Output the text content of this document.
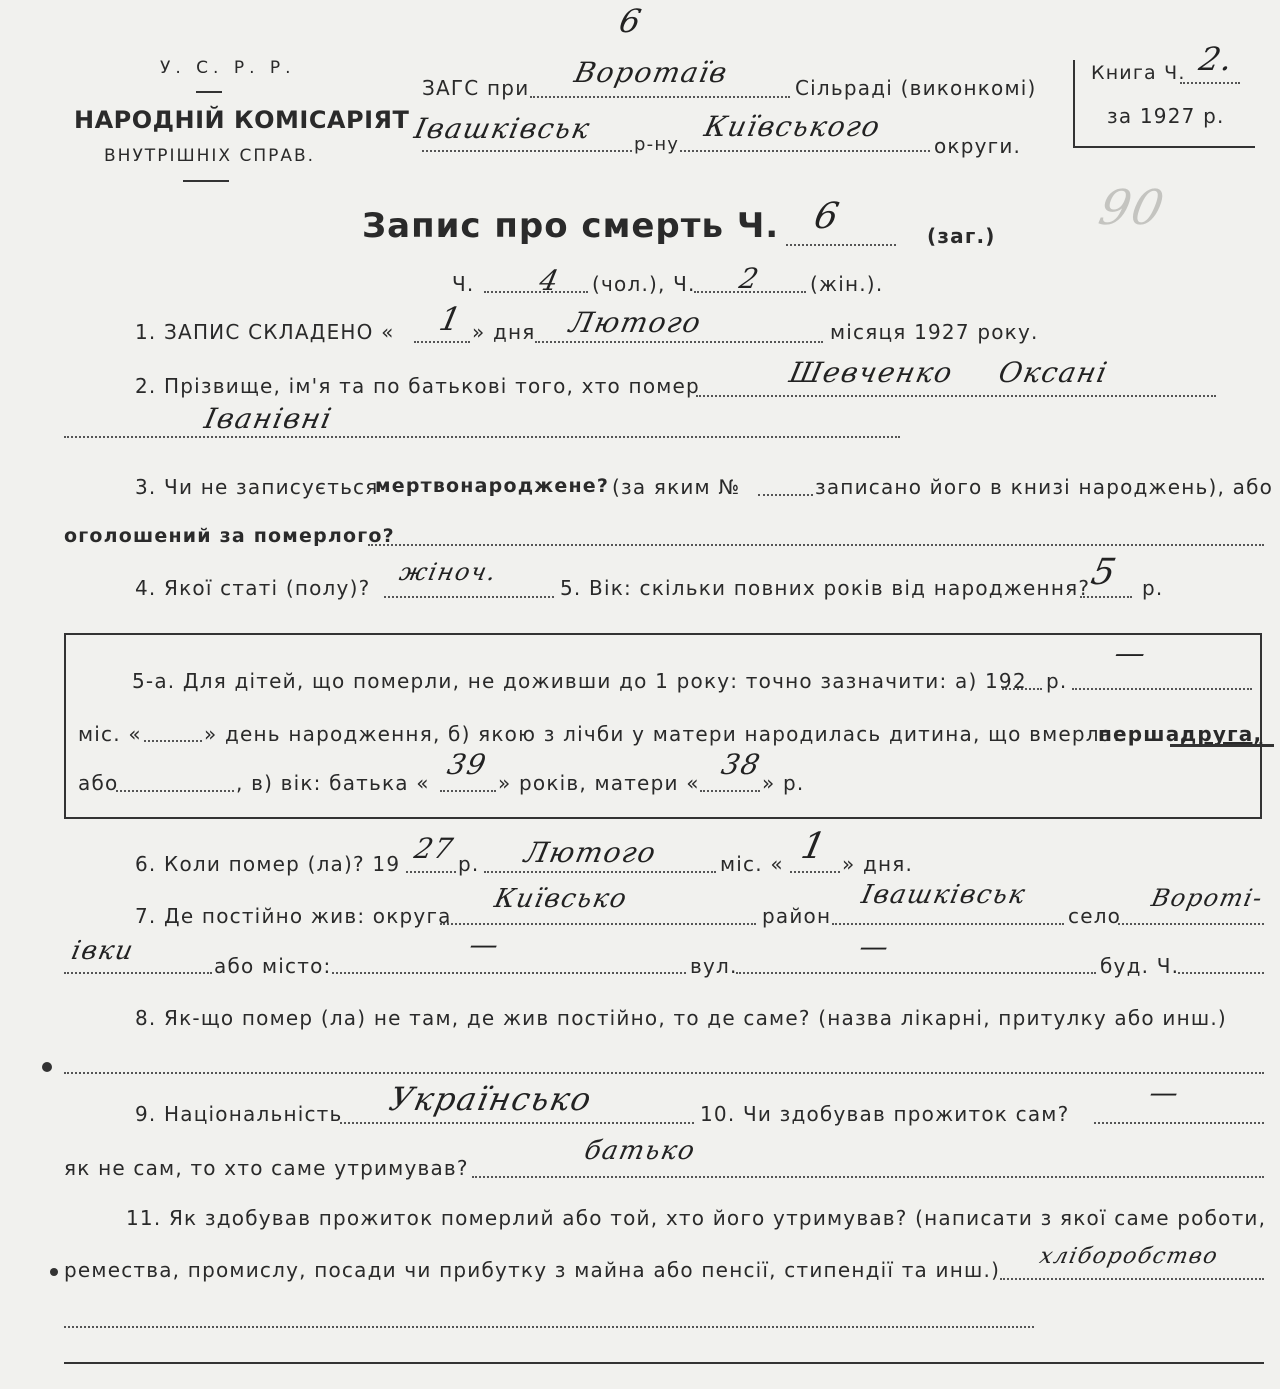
6
У. С. Р. Р.
НАРОДНІЙ КОМІСАРІЯТ
ВНУТРІШНІХ СПРАВ.
ЗАГС при Воротаїв	Сільраді (виконкомі)
Івашківськ р-ну
Київського
округи.
Книга Ч. 2.
за 1927 р.
90
Запис про смерть Ч. 6	(заг.)
Ч. 4 (чол.), Ч. 2 (жін.).
1. ЗАПИС СКЛАДЕНО « 1 » дня Лютого	місяця 1927 року.
2. Прізвище, ім'я та по батькові того, хто помер	Шевченко Оксані
Іванівні
3. Чи не записується
мертвонароджене? (за яким №	записано його в книзі народжень), або
оголошений за померлого?
4. Якої статі (полу)?
жіноч.
5. Вік: скільки повних років від народження?
5 р.
5-а. Для дітей, що померли, не доживши до 1 року: точно зазначити: а) 192 р.
—
міс. «	» день народження, б) якою з лічби у матери народилась дитина, що вмерла:
перша,
друга,
або	, в) вік: батька «
39
» років, матери «
38
» р.
6. Коли помер (ла)? 19 27 р. Лютого	міс. « 1 » дня.
7. Де постійно жив: округа
Київсько
район
Івашківськ
село
Вороті-
івки	або місто:
—
вул.
—
буд. Ч.
8. Як-що помер (ла) не там, де жив постійно, то де саме? (назва лікарні, притулку або инш.)
9. Національність Українсько	10. Чи здобував прожиток сам?
—
як не сам, то хто саме утримував?
батько
11. Як здобував прожиток померлий або той, хто його утримував? (написати з якої саме роботи,
ремества, промислу, посади чи прибутку з майна або пенсії, стипендії та инш.)
хліборобство
